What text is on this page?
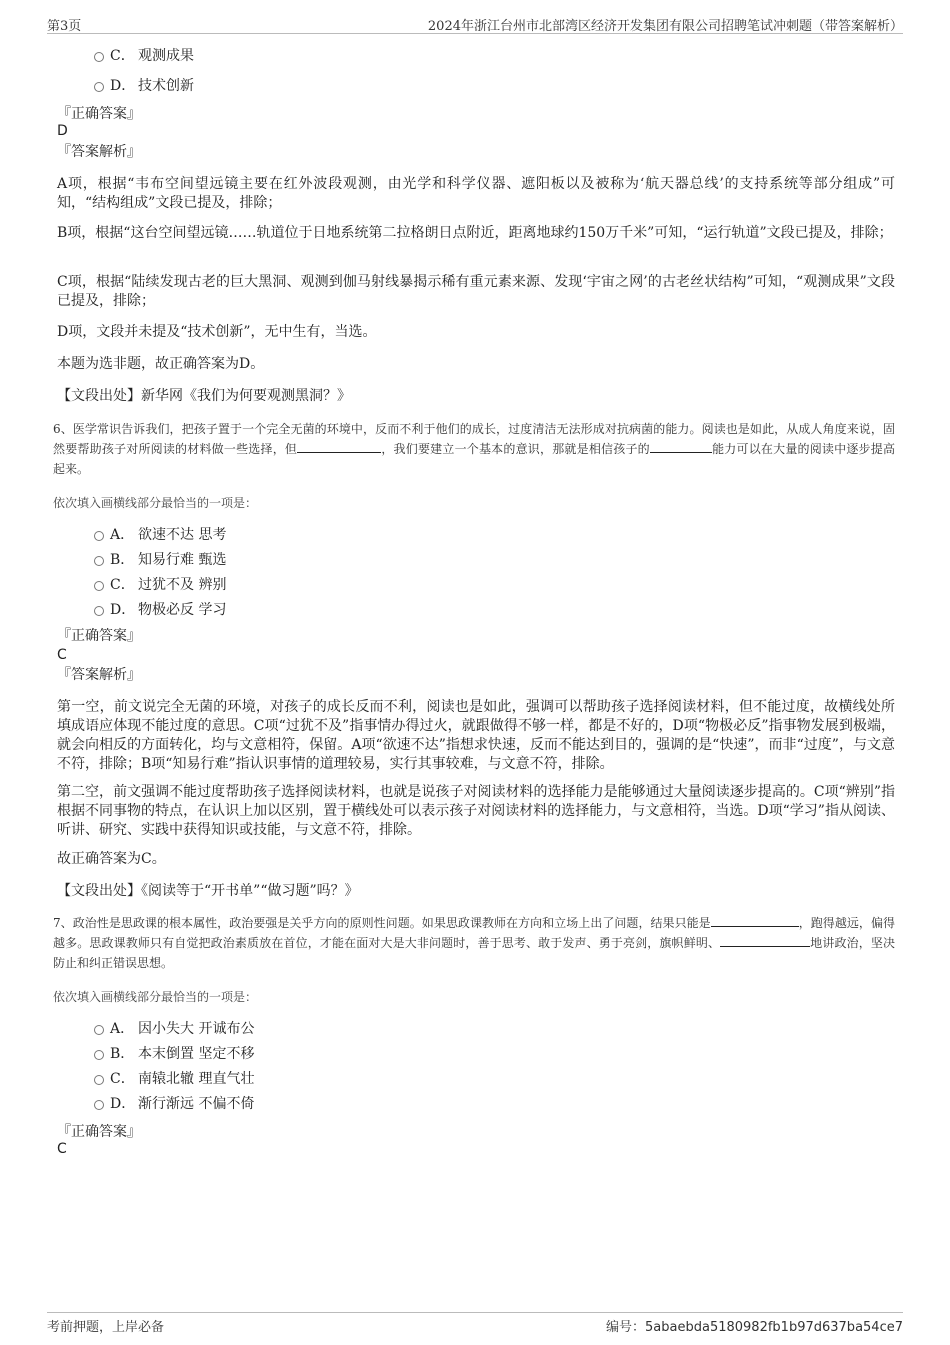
第3页	2024年浙江台州市北部湾区经济开发集团有限公司招聘笔试冲刺题（带答案解析）
C． 观测成果
D． 技术创新
『正确答案』
D
『答案解析』
A项，根据“韦布空间望远镜主要在红外波段观测，由光学和科学仪器、遮阳板以及被称为‘航天器总线’的支持系统等部分组成”可知，“结构组成”文段已提及，排除；
B项，根据“这台空间望远镜……轨道位于日地系统第二拉格朗日点附近，距离地球约150万千米”可知，“运行轨道”文段已提及，排除；
C项，根据“陆续发现古老的巨大黑洞、观测到伽马射线暴揭示稀有重元素来源、发现‘宇宙之网’的古老丝状结构”可知，“观测成果”文段已提及，排除；
D项，文段并未提及“技术创新”，无中生有，当选。
本题为选非题，故正确答案为D。
【文段出处】新华网《我们为何要观测黑洞？》
6、医学常识告诉我们，把孩子置于一个完全无菌的环境中，反而不利于他们的成长，过度清洁无法形成对抗病菌的能力。阅读也是如此，从成人角度来说，固然要帮助孩子对所阅读的材料做一些选择，但	，我们要建立一个基本的意识，那就是相信孩子的	能力可以在大量的阅读中逐步提高起来。
依次填入画横线部分最恰当的一项是：
A． 欲速不达 思考
B． 知易行难 甄选
C． 过犹不及 辨别
D． 物极必反 学习
『正确答案』
C
『答案解析』
第一空，前文说完全无菌的环境，对孩子的成长反而不利，阅读也是如此，强调可以帮助孩子选择阅读材料，但不能过度，故横线处所填成语应体现不能过度的意思。C项“过犹不及”指事情办得过火，就跟做得不够一样，都是不好的，D项“物极必反”指事物发展到极端，就会向相反的方面转化，均与文意相符，保留。A项“欲速不达”指想求快速，反而不能达到目的，强调的是“快速”，而非“过度”，与文意不符，排除；B项“知易行难”指认识事情的道理较易，实行其事较难，与文意不符，排除。
第二空，前文强调不能过度帮助孩子选择阅读材料，也就是说孩子对阅读材料的选择能力是能够通过大量阅读逐步提高的。C项“辨别”指根据不同事物的特点，在认识上加以区别，置于横线处可以表示孩子对阅读材料的选择能力，与文意相符，当选。D项“学习”指从阅读、听讲、研究、实践中获得知识或技能，与文意不符，排除。
故正确答案为C。
【文段出处】《阅读等于“开书单”“做习题”吗？》
7、政治性是思政课的根本属性，政治要强是关乎方向的原则性问题。如果思政课教师在方向和立场上出了问题，结果只能是	，跑得越远，偏得越多。思政课教师只有自觉把政治素质放在首位，才能在面对大是大非问题时，善于思考、敢于发声、勇于亮剑，旗帜鲜明、	地讲政治，坚决防止和纠正错误思想。
依次填入画横线部分最恰当的一项是：
A． 因小失大 开诚布公
B． 本末倒置 坚定不移
C． 南辕北辙 理直气壮
D． 渐行渐远 不偏不倚
『正确答案』
C
考前押题，上岸必备	编号：5abaebda5180982fb1b97d637ba54ce7
